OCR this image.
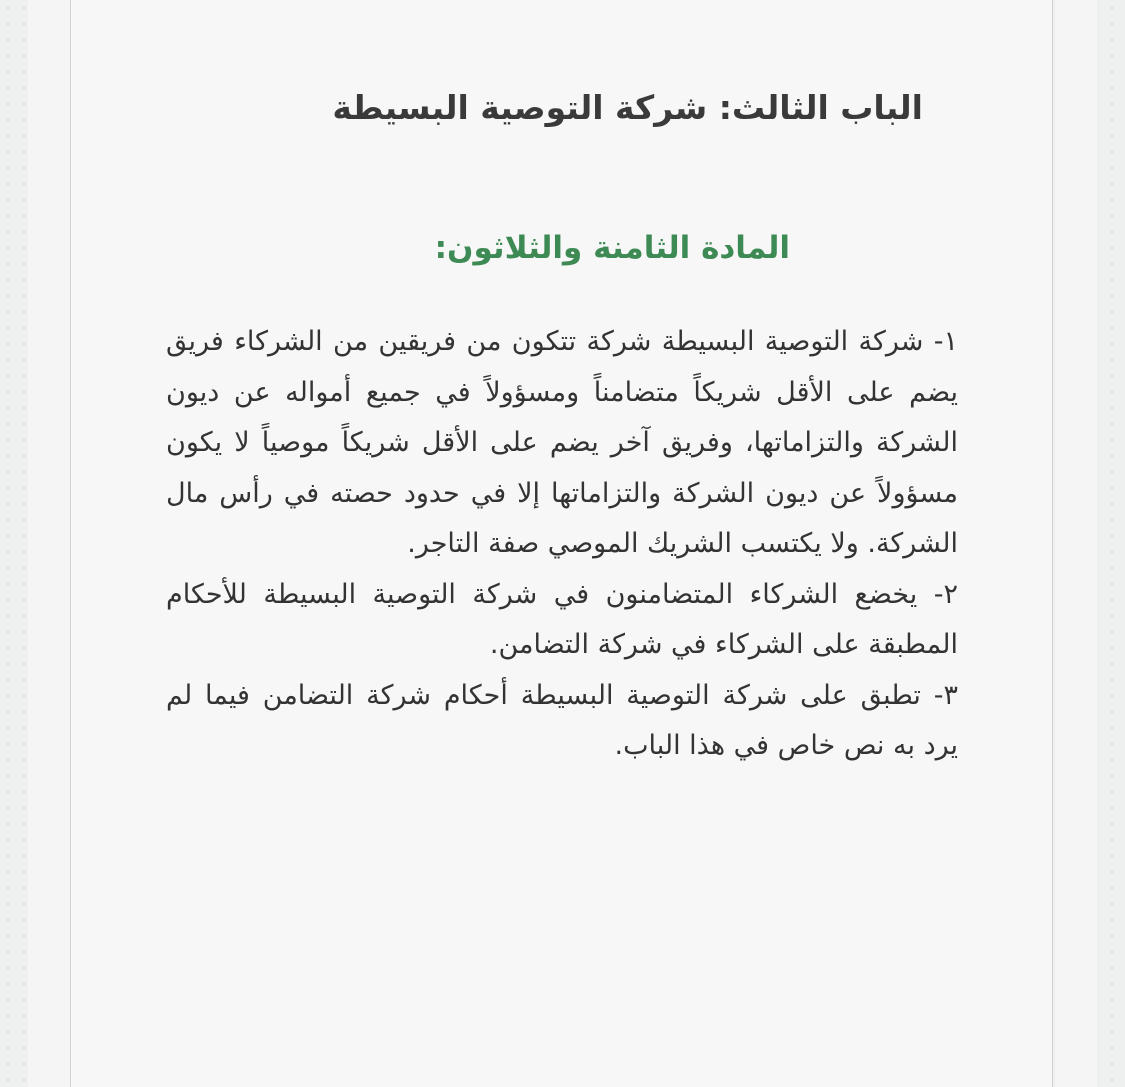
الباب الثالث: شركة التوصية البسيطة
المادة الثامنة والثلاثون:

١- شركة التوصية البسيطة شركة تتكون من فريقين من الشركاء فريق يضم على الأقل شريكاً متضامناً ومسؤولاً في جميع أمواله عن ديون الشركة والتزاماتها، وفريق آخر يضم على الأقل شريكاً موصياً لا يكون مسؤولاً عن ديون الشركة والتزاماتها إلا في حدود حصته في رأس مال الشركة. ولا يكتسب الشريك الموصي صفة التاجر.

٢- يخضع الشركاء المتضامنون في شركة التوصية البسيطة للأحكام المطبقة على الشركاء في شركة التضامن.

٣- تطبق على شركة التوصية البسيطة أحكام شركة التضامن فيما لم يرد به نص خاص في هذا الباب.
